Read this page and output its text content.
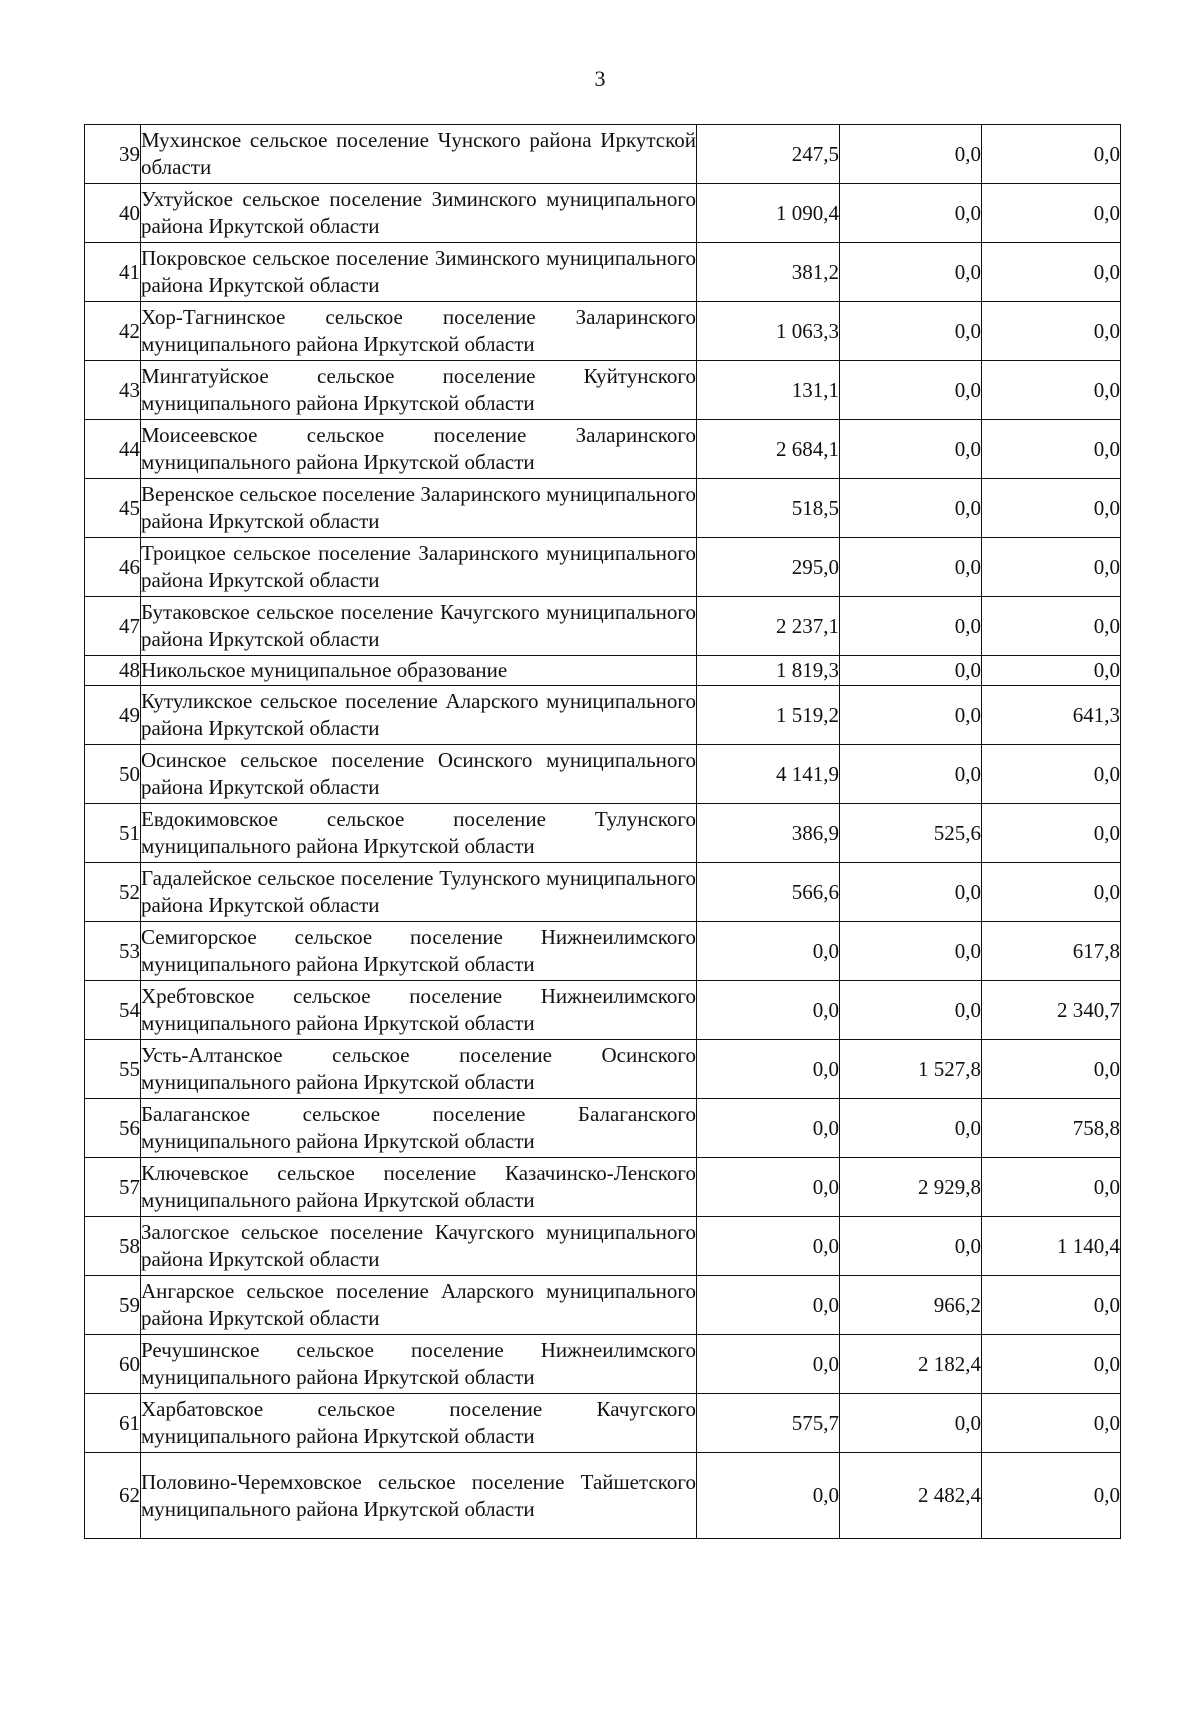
3
39	Мухинское сельское поселение Чунского района Иркутской области	247,5	0,0	0,0
40	Ухтуйское сельское поселение Зиминского муниципального района Иркутской области	1 090,4	0,0	0,0
41	Покровское сельское поселение Зиминского муниципального района Иркутской области	381,2	0,0	0,0
42	Хор-Тагнинское сельское поселение Заларинского муниципального района Иркутской области	1 063,3	0,0	0,0
43	Мингатуйское сельское поселение Куйтунского муниципального района Иркутской области	131,1	0,0	0,0
44	Моисеевское сельское поселение Заларинского муниципального района Иркутской области	2 684,1	0,0	0,0
45	Веренское сельское поселение Заларинского муниципального района Иркутской области	518,5	0,0	0,0
46	Троицкое сельское поселение Заларинского муниципального района Иркутской области	295,0	0,0	0,0
47	Бутаковское сельское поселение Качугского муниципального района Иркутской области	2 237,1	0,0	0,0
48	Никольское муниципальное образование	1 819,3	0,0	0,0
49	Кутуликское сельское поселение Аларского муниципального района Иркутской области	1 519,2	0,0	641,3
50	Осинское сельское поселение Осинского муниципального района Иркутской области	4 141,9	0,0	0,0
51	Евдокимовское сельское поселение Тулунского муниципального района Иркутской области	386,9	525,6	0,0
52	Гадалейское сельское поселение Тулунского муниципального района Иркутской области	566,6	0,0	0,0
53	Семигорское сельское поселение Нижнеилимского муниципального района Иркутской области	0,0	0,0	617,8
54	Хребтовское сельское поселение Нижнеилимского муниципального района Иркутской области	0,0	0,0	2 340,7
55	Усть-Алтанское сельское поселение Осинского муниципального района Иркутской области	0,0	1 527,8	0,0
56	Балаганское сельское поселение Балаганского муниципального района Иркутской области	0,0	0,0	758,8
57	Ключевское сельское поселение Казачинско-Ленского муниципального района Иркутской области	0,0	2 929,8	0,0
58	Залогское сельское поселение Качугского муниципального района Иркутской области	0,0	0,0	1 140,4
59	Ангарское сельское поселение Аларского муниципального района Иркутской области	0,0	966,2	0,0
60	Речушинское сельское поселение Нижнеилимского муниципального района Иркутской области	0,0	2 182,4	0,0
61	Харбатовское сельское поселение Качугского муниципального района Иркутской области	575,7	0,0	0,0
62	Половино-Черемховское сельское поселение Тайшетского муниципального района Иркутской области	0,0	2 482,4	0,0
